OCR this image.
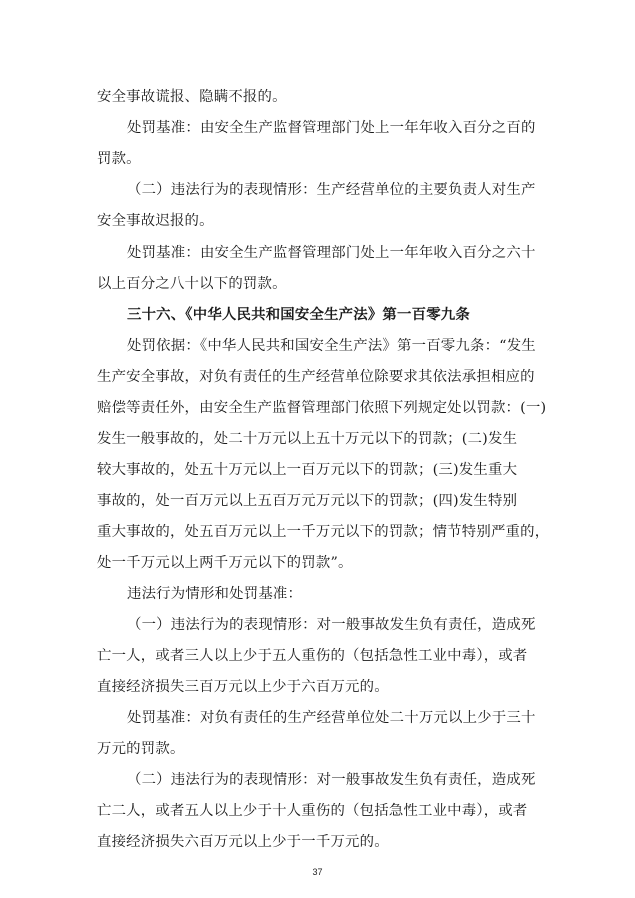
安全事故谎报、隐瞒不报的。
处罚基准：由安全生产监督管理部门处上一年年收入百分之百的
罚款。
（二）违法行为的表现情形：生产经营单位的主要负责人对生产
安全事故迟报的。
处罚基准：由安全生产监督管理部门处上一年年收入百分之六十
以上百分之八十以下的罚款。
三十六、《中华人民共和国安全生产法》第一百零九条
处罚依据：《中华人民共和国安全生产法》第一百零九条：“发生
生产安全事故，对负有责任的生产经营单位除要求其依法承担相应的
赔偿等责任外，由安全生产监督管理部门依照下列规定处以罚款：(一)
发生一般事故的，处二十万元以上五十万元以下的罚款；(二)发生
较大事故的，处五十万元以上一百万元以下的罚款；(三)发生重大
事故的，处一百万元以上五百万元万元以下的罚款；(四)发生特别
重大事故的，处五百万元以上一千万元以下的罚款；情节特别严重的，
处一千万元以上两千万元以下的罚款”。
违法行为情形和处罚基准：
（一）违法行为的表现情形：对一般事故发生负有责任，造成死
亡一人，或者三人以上少于五人重伤的（包括急性工业中毒），或者
直接经济损失三百万元以上少于六百万元的。
处罚基准：对负有责任的生产经营单位处二十万元以上少于三十
万元的罚款。
（二）违法行为的表现情形：对一般事故发生负有责任，造成死
亡二人，或者五人以上少于十人重伤的（包括急性工业中毒），或者
直接经济损失六百万元以上少于一千万元的。
37
